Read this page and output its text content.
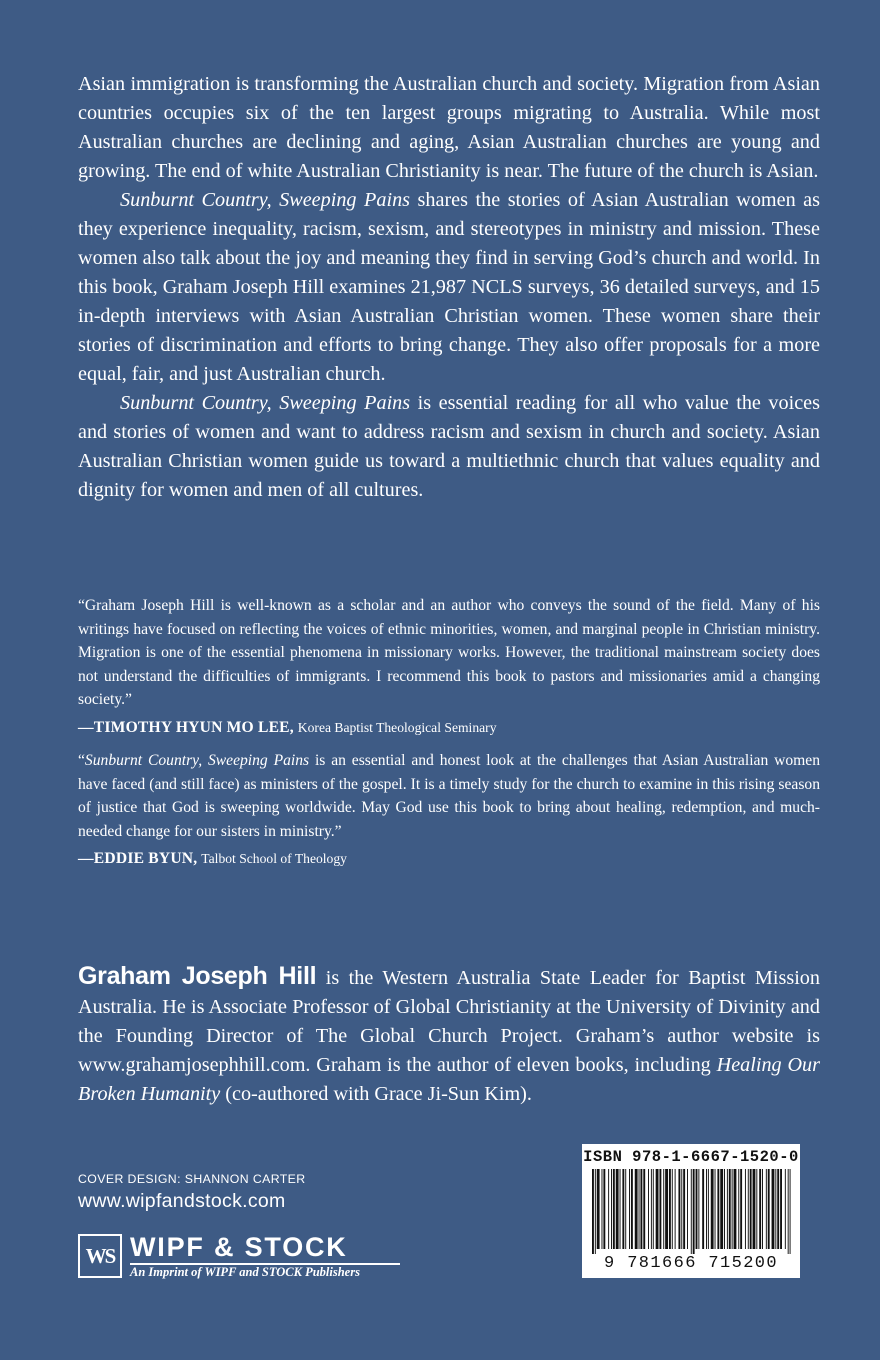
Asian immigration is transforming the Australian church and society. Migration from Asian countries occupies six of the ten largest groups migrating to Australia. While most Australian churches are declining and aging, Asian Australian churches are young and growing. The end of white Australian Christianity is near. The future of the church is Asian.

Sunburnt Country, Sweeping Pains shares the stories of Asian Australian women as they experience inequality, racism, sexism, and stereotypes in ministry and mission. These women also talk about the joy and meaning they find in serving God’s church and world. In this book, Graham Joseph Hill examines 21,987 NCLS surveys, 36 detailed surveys, and 15 in-depth interviews with Asian Australian Christian women. These women share their stories of discrimination and efforts to bring change. They also offer proposals for a more equal, fair, and just Australian church.

Sunburnt Country, Sweeping Pains is essential reading for all who value the voices and stories of women and want to address racism and sexism in church and society. Asian Australian Christian women guide us toward a multiethnic church that values equality and dignity for women and men of all cultures.

“Graham Joseph Hill is well-known as a scholar and an author who conveys the sound of the field. Many of his writings have focused on reflecting the voices of ethnic minorities, women, and marginal people in Christian ministry. Migration is one of the essential phenomena in missionary works. However, the traditional mainstream society does not understand the difficulties of immigrants. I recommend this book to pastors and missionaries amid a changing society.”

—TIMOTHY HYUN MO LEE, Korea Baptist Theological Seminary

“Sunburnt Country, Sweeping Pains is an essential and honest look at the challenges that Asian Australian women have faced (and still face) as ministers of the gospel. It is a timely study for the church to examine in this rising season of justice that God is sweeping worldwide. May God use this book to bring about healing, redemption, and much-needed change for our sisters in ministry.”

—EDDIE BYUN, Talbot School of Theology

Graham Joseph Hill is the Western Australia State Leader for Baptist Mission Australia. He is Associate Professor of Global Christianity at the University of Divinity and the Founding Director of The Global Church Project. Graham’s author website is www.grahamjosephhill.com. Graham is the author of eleven books, including Healing Our Broken Humanity (co-authored with Grace Ji-Sun Kim).

COVER DESIGN: SHANNON CARTER
www.wipfandstock.com
WS WIPF & STOCK
An Imprint of WIPF and STOCK Publishers
ISBN 978-1-6667-1520-0
9 781666 715200
